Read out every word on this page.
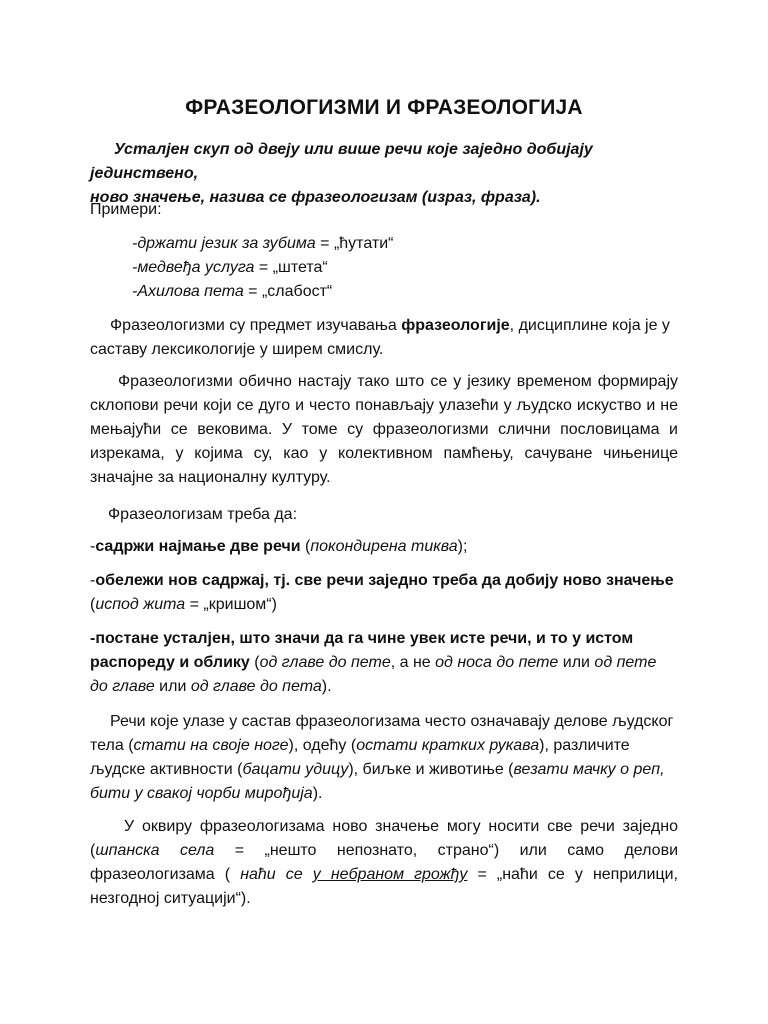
ФРАЗЕОЛОГИЗМИ И ФРАЗЕОЛОГИЈА

Усталјен скуп од двеју или више речи које заједно добијају јединствено,

ново значење, назива се фразеологизам (израз, фраза).

Примери:

-држати језик за зубима = „ћутати“

-медвеђа услуга = „штета“

-Ахилова пета = „слабост“

Фразеологизми су предмет изучавања фразеологије, дисциплине која је у саставу лексикологије у ширем смислу.

Фразеологизми обично настају тако што се у језику временом формирају склопови речи који се дуго и често понављају улазећи у људско искуство и не мењајући се вековима. У томе су фразеологизми слични пословицама и изрекама, у којима су, као у колективном памћењу, сачуване чињенице значајне за националну културу.

Фразеологизам треба да:

-садржи најмање две речи (покондирена тиква);

-обележи нов садржај, тј. све речи заједно треба да добију ново значење

(испод жита = „кришом“)

-постане усталјен, што значи да га чине увек исте речи, и то у истом распореду и облику (од главе до пете, а не од носа до пете или од пете до главе или од главе до пета).

Речи које улазе у састав фразеологизама често означавају делове људског тела (стати на своје ноге), одећу (остати кратких рукава), различите људске активности (бацати удицу), биљке и животиње (везати мачку о реп, бити у свакој чорби мирођија).

У оквиру фразеологизама ново значење могу носити све речи заједно (шпанска села = „нешто непознато, страно“) или само делови фразеологизама ( наћи се у небраном грожђу = „наћи се у неприлици, незгодној ситуацији“).
